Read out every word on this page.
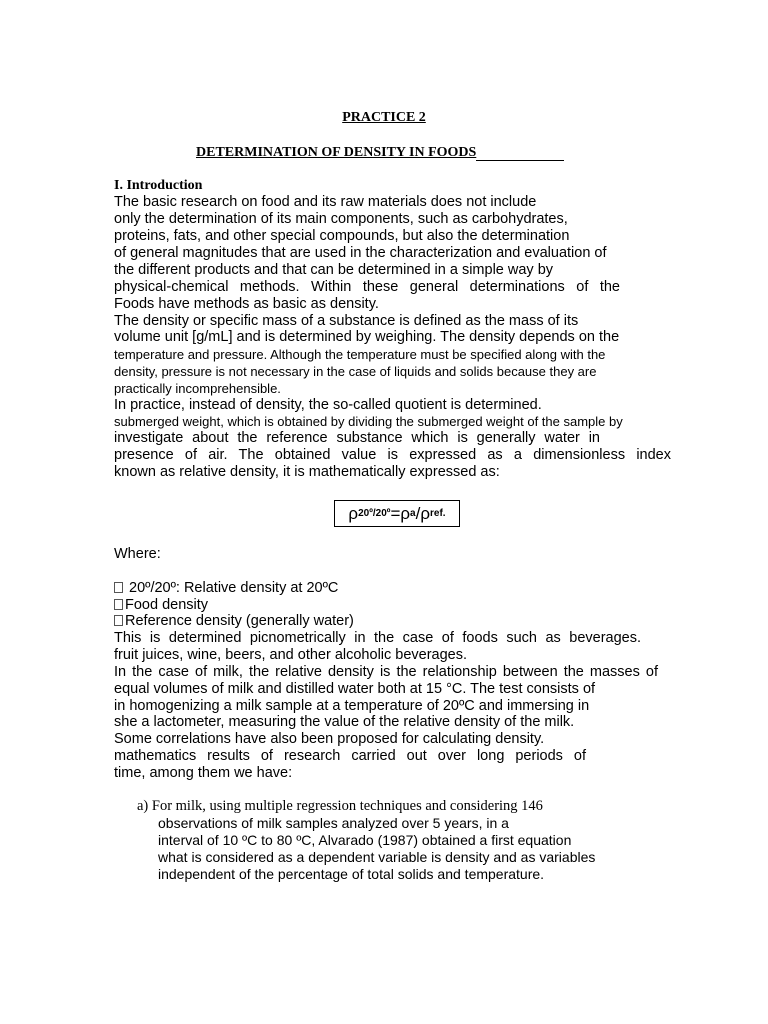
PRACTICE 2
DETERMINATION OF DENSITY IN FOODS
I. Introduction
The basic research on food and its raw materials does not include
only the determination of its main components, such as carbohydrates,
proteins, fats, and other special compounds, but also the determination
of general magnitudes that are used in the characterization and evaluation of
the different products and that can be determined in a simple way by
physical-chemical methods. Within these general determinations of the
Foods have methods as basic as density.
The density or specific mass of a substance is defined as the mass of its
volume unit [g/mL] and is determined by weighing. The density depends on the
temperature and pressure. Although the temperature must be specified along with the
density, pressure is not necessary in the case of liquids and solids because they are
practically incomprehensible.
In practice, instead of density, the so-called quotient is determined.
submerged weight, which is obtained by dividing the submerged weight of the sample by
investigate about the reference substance which is generally water in
presence of air. The obtained value is expressed as a dimensionless index
known as relative density, it is mathematically expressed as:
ρ 20º/20º = ρ a / ρ ref.
Where:
20º/20º: Relative density at 20ºC
Food density
Reference density (generally water)
This is determined picnometrically in the case of foods such as beverages.
fruit juices, wine, beers, and other alcoholic beverages.
In the case of milk, the relative density is the relationship between the masses of
equal volumes of milk and distilled water both at 15 °C. The test consists of
in homogenizing a milk sample at a temperature of 20ºC and immersing in
she a lactometer, measuring the value of the relative density of the milk.
Some correlations have also been proposed for calculating density.
mathematics results of research carried out over long periods of
time, among them we have:
a) For milk, using multiple regression techniques and considering 146
observations of milk samples analyzed over 5 years, in a
interval of 10 ºC to 80 ºC, Alvarado (1987) obtained a first equation
what is considered as a dependent variable is density and as variables
independent of the percentage of total solids and temperature.
